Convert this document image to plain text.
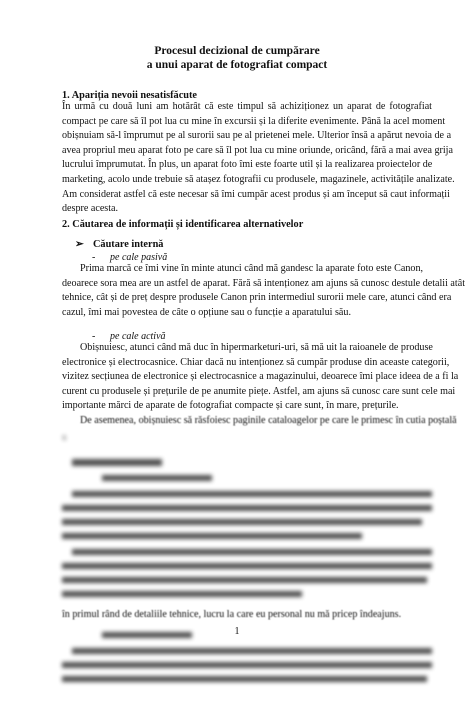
Procesul decizional de cumpărare
a unui aparat de fotografiat compact
1. Apariția nevoii nesatisfăcute
În urmă cu două luni am hotărât că este timpul să achiziționez un aparat de fotografiat
compact pe care să îl pot lua cu mine în excursii și la diferite evenimente. Până la acel moment
obișnuiam să-l împrumut pe al surorii sau pe al prietenei mele. Ulterior însă a apărut nevoia de a
avea propriul meu aparat foto pe care să îl pot lua cu mine oriunde, oricând, fără a mai avea grija
lucrului împrumutat. În plus, un aparat foto îmi este foarte util și la realizarea proiectelor de
marketing, acolo unde trebuie să atașez fotografii cu produsele, magazinele, activitățile analizate.
Am considerat astfel că este necesar să îmi cumpăr acest produs și am început să caut informații
despre acesta.
2. Căutarea de informații și identificarea alternativelor
➢ Căutare internă
- pe cale pasivă
Prima marcă ce îmi vine în minte atunci când mă gandesc la aparate foto este Canon,
deoarece sora mea are un astfel de aparat. Fără să intenționez am ajuns să cunosc destule detalii atât
tehnice, cât și de preț despre produsele Canon prin intermediul surorii mele care, atunci când era
cazul, îmi mai povestea de câte o opțiune sau o funcție a aparatului său.
- pe cale activă
Obișnuiesc, atunci când mă duc în hipermarketuri-uri, să mă uit la raioanele de produse
electronice și electrocasnice. Chiar dacă nu intenționez să cumpăr produse din aceaste categorii,
vizitez secțiunea de electronice și electrocasnice a magazinului, deoarece îmi place ideea de a fi la
curent cu produsele și prețurile de pe anumite piețe. Astfel, am ajuns să cunosc care sunt cele mai
importante mărci de aparate de fotografiat compacte și care sunt, în mare, prețurile.
De asemenea, obișnuiesc să răsfoiesc paginile cataloagelor pe care le primesc în cutia poștală
x

în primul rând de detaliile tehnice, lucru la care eu personal nu mă pricep îndeajuns.
1
